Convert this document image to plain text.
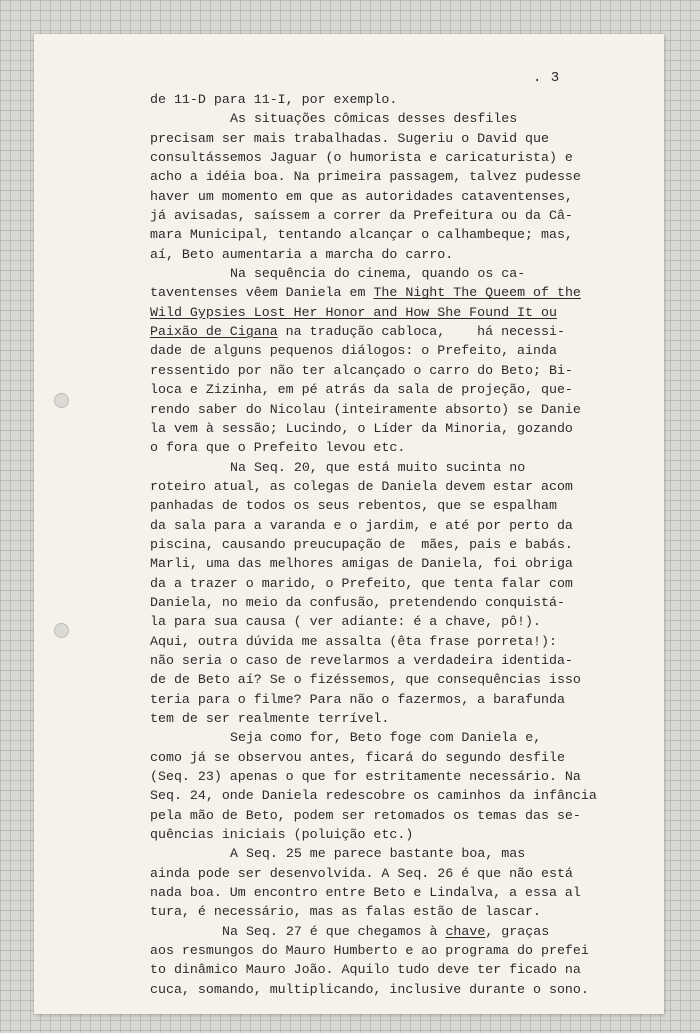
. 3

de 11-D para 11-I, por exemplo.

As situações cômicas desses desfiles

precisam ser mais trabalhadas. Sugeriu o David que

consultássemos Jaguar (o humorista e caricaturista) e

acho a idéia boa. Na primeira passagem, talvez pudesse

haver um momento em que as autoridades cataventenses,

já avisadas, saíssem a correr da Prefeitura ou da Câ-

mara Municipal, tentando alcançar o calhambeque; mas,

aí, Beto aumentaria a marcha do carro.

Na sequência do cinema, quando os ca-

taventenses vêem Daniela em The Night The Queem of the

Wild Gypsies Lost Her Honor and How She Found It ou

Paixão de Cigana na tradução cabloca,    há necessi-

dade de alguns pequenos diálogos: o Prefeito, ainda

ressentido por não ter alcançado o carro do Beto; Bi-

loca e Zizinha, em pé atrás da sala de projeção, que-

rendo saber do Nicolau (inteiramente absorto) se Danie

la vem à sessão; Lucindo, o Líder da Minoria, gozando

o fora que o Prefeito levou etc.

Na Seq. 20, que está muito sucinta no

roteiro atual, as colegas de Daniela devem estar acom

panhadas de todos os seus rebentos, que se espalham

da sala para a varanda e o jardim, e até por perto da

piscina, causando preucupação de  mães, pais e babás.

Marli, uma das melhores amigas de Daniela, foi obriga

da a trazer o marido, o Prefeito, que tenta falar com

Daniela, no meio da confusão, pretendendo conquistá-

la para sua causa ( ver adiante: é a chave, pô!).

Aqui, outra dúvida me assalta (êta frase porreta!):

não seria o caso de revelarmos a verdadeira identida-

de de Beto aí? Se o fizéssemos, que consequências isso

teria para o filme? Para não o fazermos, a barafunda

tem de ser realmente terrível.

Seja como for, Beto foge com Daniela e,

como já se observou antes, ficará do segundo desfile

(Seq. 23) apenas o que for estritamente necessário. Na

Seq. 24, onde Daniela redescobre os caminhos da infância

pela mão de Beto, podem ser retomados os temas das se-

quências iniciais (poluição etc.)

A Seq. 25 me parece bastante boa, mas

ainda pode ser desenvolvida. A Seq. 26 é que não está

nada boa. Um encontro entre Beto e Lindalva, a essa al

tura, é necessário, mas as falas estão de lascar.

Na Seq. 27 é que chegamos à chave, graças

aos resmungos do Mauro Humberto e ao programa do prefei

to dinâmico Mauro João. Aquilo tudo deve ter ficado na

cuca, somando, multiplicando, inclusive durante o sono.
